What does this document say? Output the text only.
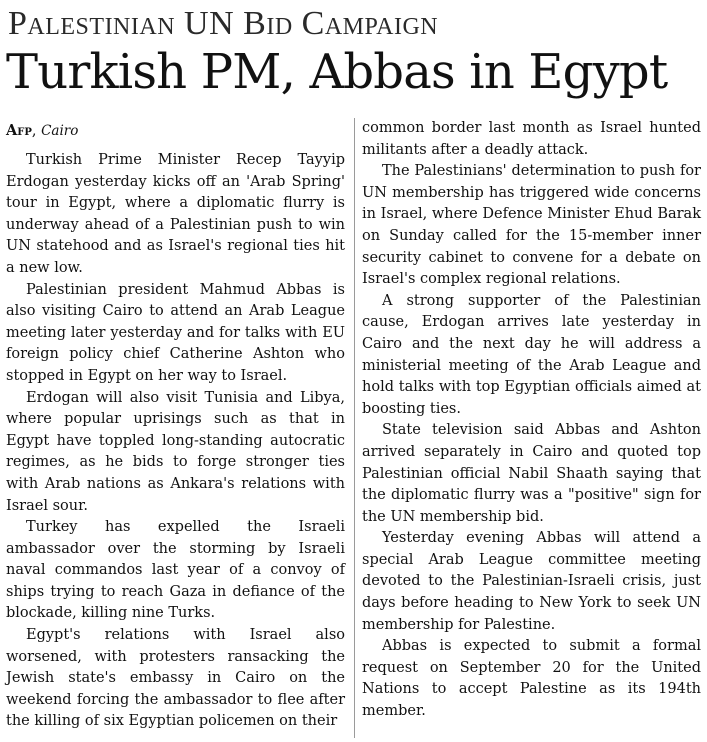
Palestinian UN Bid Campaign
Turkish PM, Abbas in Egypt
Afp, Cairo

Turkish Prime Minister Recep Tayyip Erdogan yesterday kicks off an 'Arab Spring' tour in Egypt, where a diplomatic flurry is underway ahead of a Palestinian push to win UN statehood and as Israel's regional ties hit a new low.

Palestinian president Mahmud Abbas is also visiting Cairo to attend an Arab League meeting later yesterday and for talks with EU foreign policy chief Catherine Ashton who stopped in Egypt on her way to Israel.

Erdogan will also visit Tunisia and Libya, where popular uprisings such as that in Egypt have toppled long-standing autocratic regimes, as he bids to forge stronger ties with Arab nations as Ankara's relations with Israel sour.

Turkey has expelled the Israeli ambassador over the storming by Israeli naval commandos last year of a convoy of ships trying to reach Gaza in defiance of the blockade, killing nine Turks.

Egypt's relations with Israel also worsened, with protesters ransacking the Jewish state's embassy in Cairo on the weekend forcing the ambassador to flee after the killing of six Egyptian policemen on their

common border last month as Israel hunted militants after a deadly attack.

The Palestinians' determination to push for UN membership has triggered wide concerns in Israel, where Defence Minister Ehud Barak on Sunday called for the 15-member inner security cabinet to convene for a debate on Israel's complex regional relations.

A strong supporter of the Palestinian cause, Erdogan arrives late yesterday in Cairo and the next day he will address a ministerial meeting of the Arab League and hold talks with top Egyptian officials aimed at boosting ties.

State television said Abbas and Ashton arrived separately in Cairo and quoted top Palestinian official Nabil Shaath saying that the diplomatic flurry was a "positive" sign for the UN membership bid.

Yesterday evening Abbas will attend a special Arab League committee meeting devoted to the Palestinian-Israeli crisis, just days before heading to New York to seek UN membership for Palestine.

Abbas is expected to submit a formal request on September 20 for the United Nations to accept Palestine as its 194th member.
